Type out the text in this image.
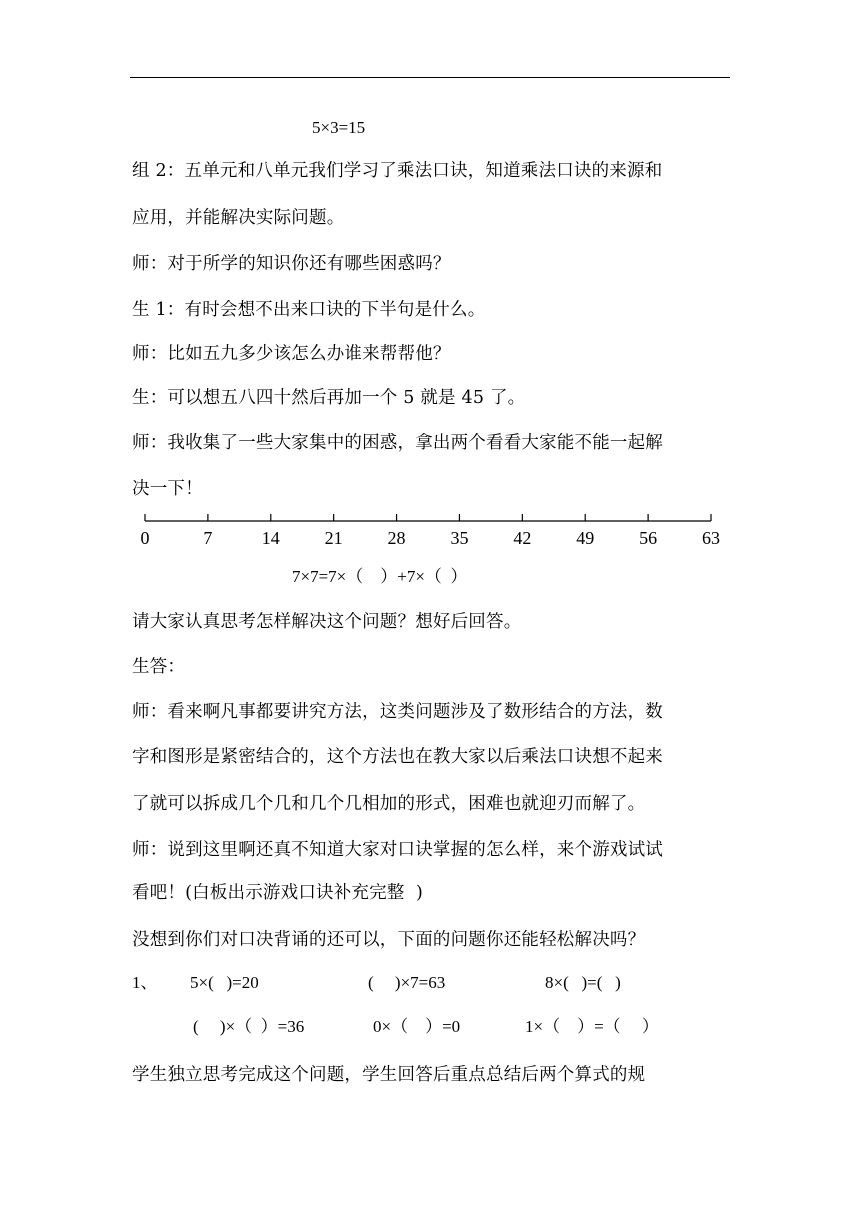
5×3=15
组 2：五单元和八单元我们学习了乘法口诀，知道乘法口诀的来源和
应用，并能解决实际问题。
师：对于所学的知识你还有哪些困惑吗？
生 1：有时会想不出来口诀的下半句是什么。
师：比如五九多少该怎么办谁来帮帮他？
生：可以想五八四十然后再加一个 5 就是 45 了。
师：我收集了一些大家集中的困惑，拿出两个看看大家能不能一起解
决一下！
0	7	14 21 28 35 42 49 56 63
7×7=7×（    ）+7×（  ）
请大家认真思考怎样解决这个问题？想好后回答。
生答：
师：看来啊凡事都要讲究方法，这类问题涉及了数形结合的方法，数
字和图形是紧密结合的，这个方法也在教大家以后乘法口诀想不起来
了就可以拆成几个几和几个几相加的形式，困难也就迎刃而解了。
师：说到这里啊还真不知道大家对口诀掌握的怎么样，来个游戏试试
看吧！(白板出示游戏口诀补充完整  )
没想到你们对口决背诵的还可以，下面的问题你还能轻松解决吗？
1、 5×(   )=20	(     )×7=63	8×(   )=(   )
(     )×（  ）=36	0×（    ）=0	1×（    ）=（     ）
学生独立思考完成这个问题，学生回答后重点总结后两个算式的规
